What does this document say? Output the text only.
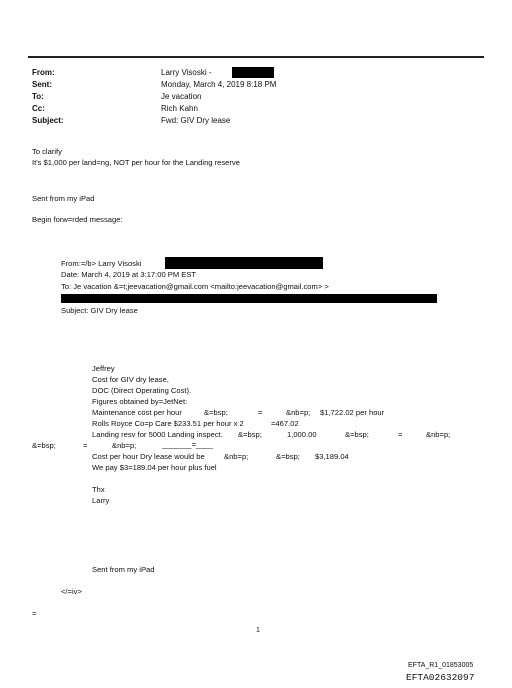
From:	Larry Visoski -
Sent:	Monday, March 4, 2019 8:18 PM
To:	Je vacation
Cc:	Rich Kahn
Subject:	Fwd: GIV Dry lease
To clarify
It's $1,000 per land=ng, NOT per hour for the Landing reserve
Sent from my iPad
Begin forw=rded message:
From:=/b> Larry Visoski
Date: March 4, 2019 at 3:17:00 PM EST
To: Je vacation &=t;jeevacation@gmail.com <mailto:jeevacation@gmail.com> >
Subject: GIV Dry lease
Jeffrey
Cost for GIV dry lease,
DOC (Direct Operating Cost).
Figures obtained by=JetNet:
Maintenance cost per hour	&=bsp;	=	&nb=p; $1,722.02 per hour
Rolls Royce Co=p Care $233.51 per hour x 2	=467.02
Landing resv for 5000 Landing inspect. &=bsp;	1,000.00	&=bsp;	=	&nb=p;
&=bsp;	=	&nb=p;	_______=____
Cost per hour Dry lease would be	&nb=p;	&=bsp; $3,189.04
We pay $3=189.04 per hour plus fuel
Thx
Larry
Sent from my iPad
</=iv>
=
1
EFTA_R1_01853005
EFTA02632097
